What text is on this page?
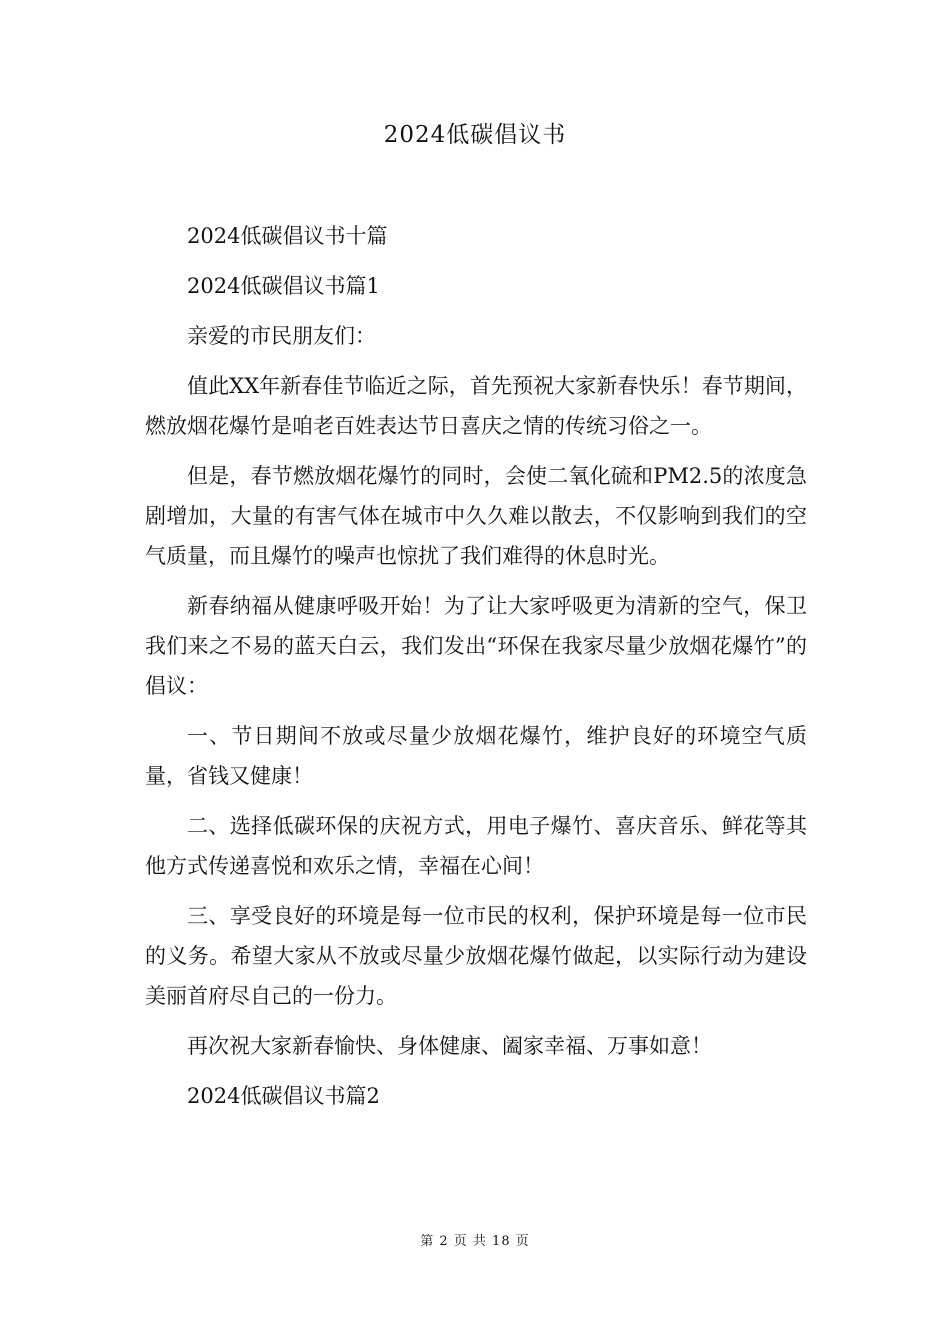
2024低碳倡议书

2024低碳倡议书十篇

2024低碳倡议书篇1

亲爱的市民朋友们：

值此XX年新春佳节临近之际，首先预祝大家新春快乐！春节期间，燃放烟花爆竹是咱老百姓表达节日喜庆之情的传统习俗之一。

但是，春节燃放烟花爆竹的同时，会使二氧化硫和PM2.5的浓度急剧增加，大量的有害气体在城市中久久难以散去，不仅影响到我们的空气质量，而且爆竹的噪声也惊扰了我们难得的休息时光。

新春纳福从健康呼吸开始！为了让大家呼吸更为清新的空气，保卫我们来之不易的蓝天白云，我们发出“环保在我家尽量少放烟花爆竹”的倡议：

一、节日期间不放或尽量少放烟花爆竹，维护良好的环境空气质量，省钱又健康！

二、选择低碳环保的庆祝方式，用电子爆竹、喜庆音乐、鲜花等其他方式传递喜悦和欢乐之情，幸福在心间！

三、享受良好的环境是每一位市民的权利，保护环境是每一位市民的义务。希望大家从不放或尽量少放烟花爆竹做起，以实际行动为建设美丽首府尽自己的一份力。

再次祝大家新春愉快、身体健康、阖家幸福、万事如意！

2024低碳倡议书篇2

第 2 页 共 18 页
